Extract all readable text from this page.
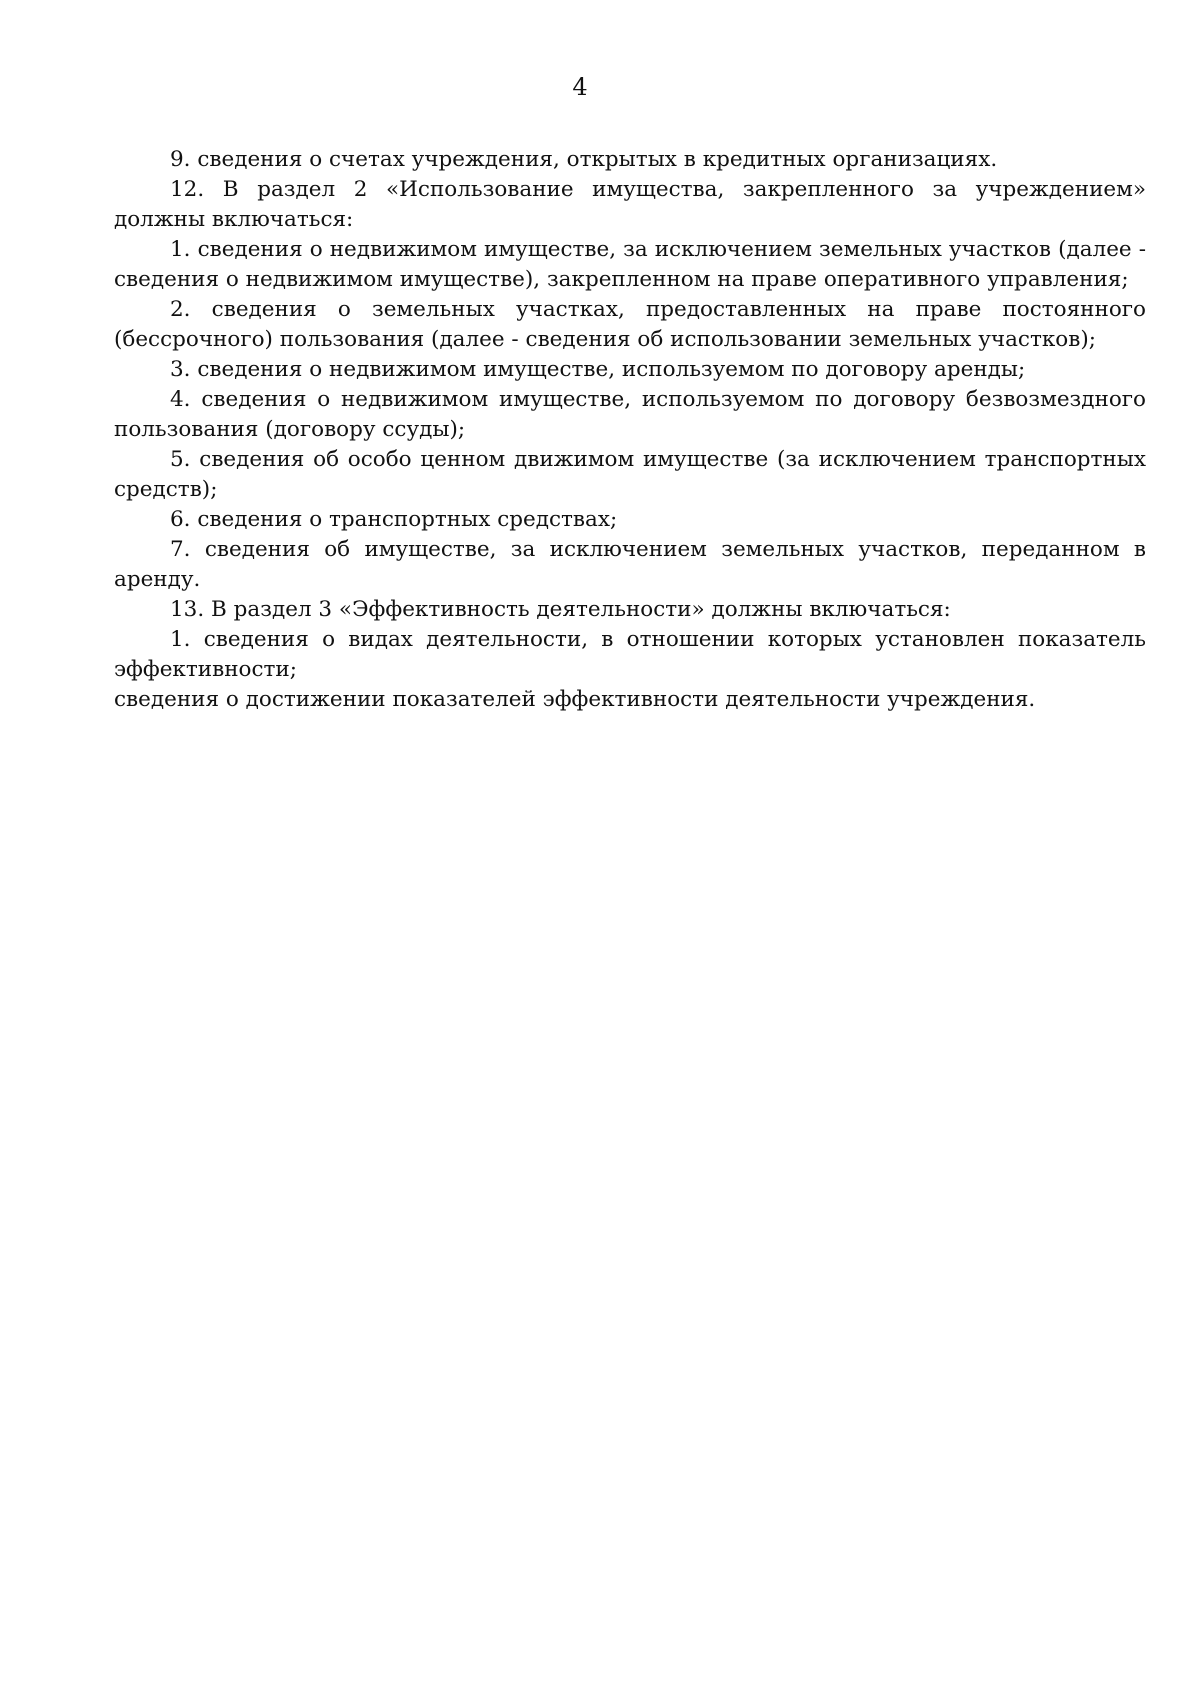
4

9. сведения о счетах учреждения, открытых в кредитных организациях.

12. В раздел 2 «Использование имущества, закрепленного за учреждением» должны включаться:

1. сведения о недвижимом имуществе, за исключением земельных участков (далее - сведения о недвижимом имуществе), закрепленном на праве оперативного управления;

2. сведения о земельных участках, предоставленных на праве постоянного (бессрочного) пользования (далее - сведения об использовании земельных участков);

3. сведения о недвижимом имуществе, используемом по договору аренды;

4. сведения о недвижимом имуществе, используемом по договору безвозмездного пользования (договору ссуды);

5. сведения об особо ценном движимом имуществе (за исключением транспортных средств);

6. сведения о транспортных средствах;

7. сведения об имуществе, за исключением земельных участков, переданном в аренду.

13. В раздел 3 «Эффективность деятельности» должны включаться:

1. сведения о видах деятельности, в отношении которых установлен показатель эффективности;

сведения о достижении показателей эффективности деятельности учреждения.
